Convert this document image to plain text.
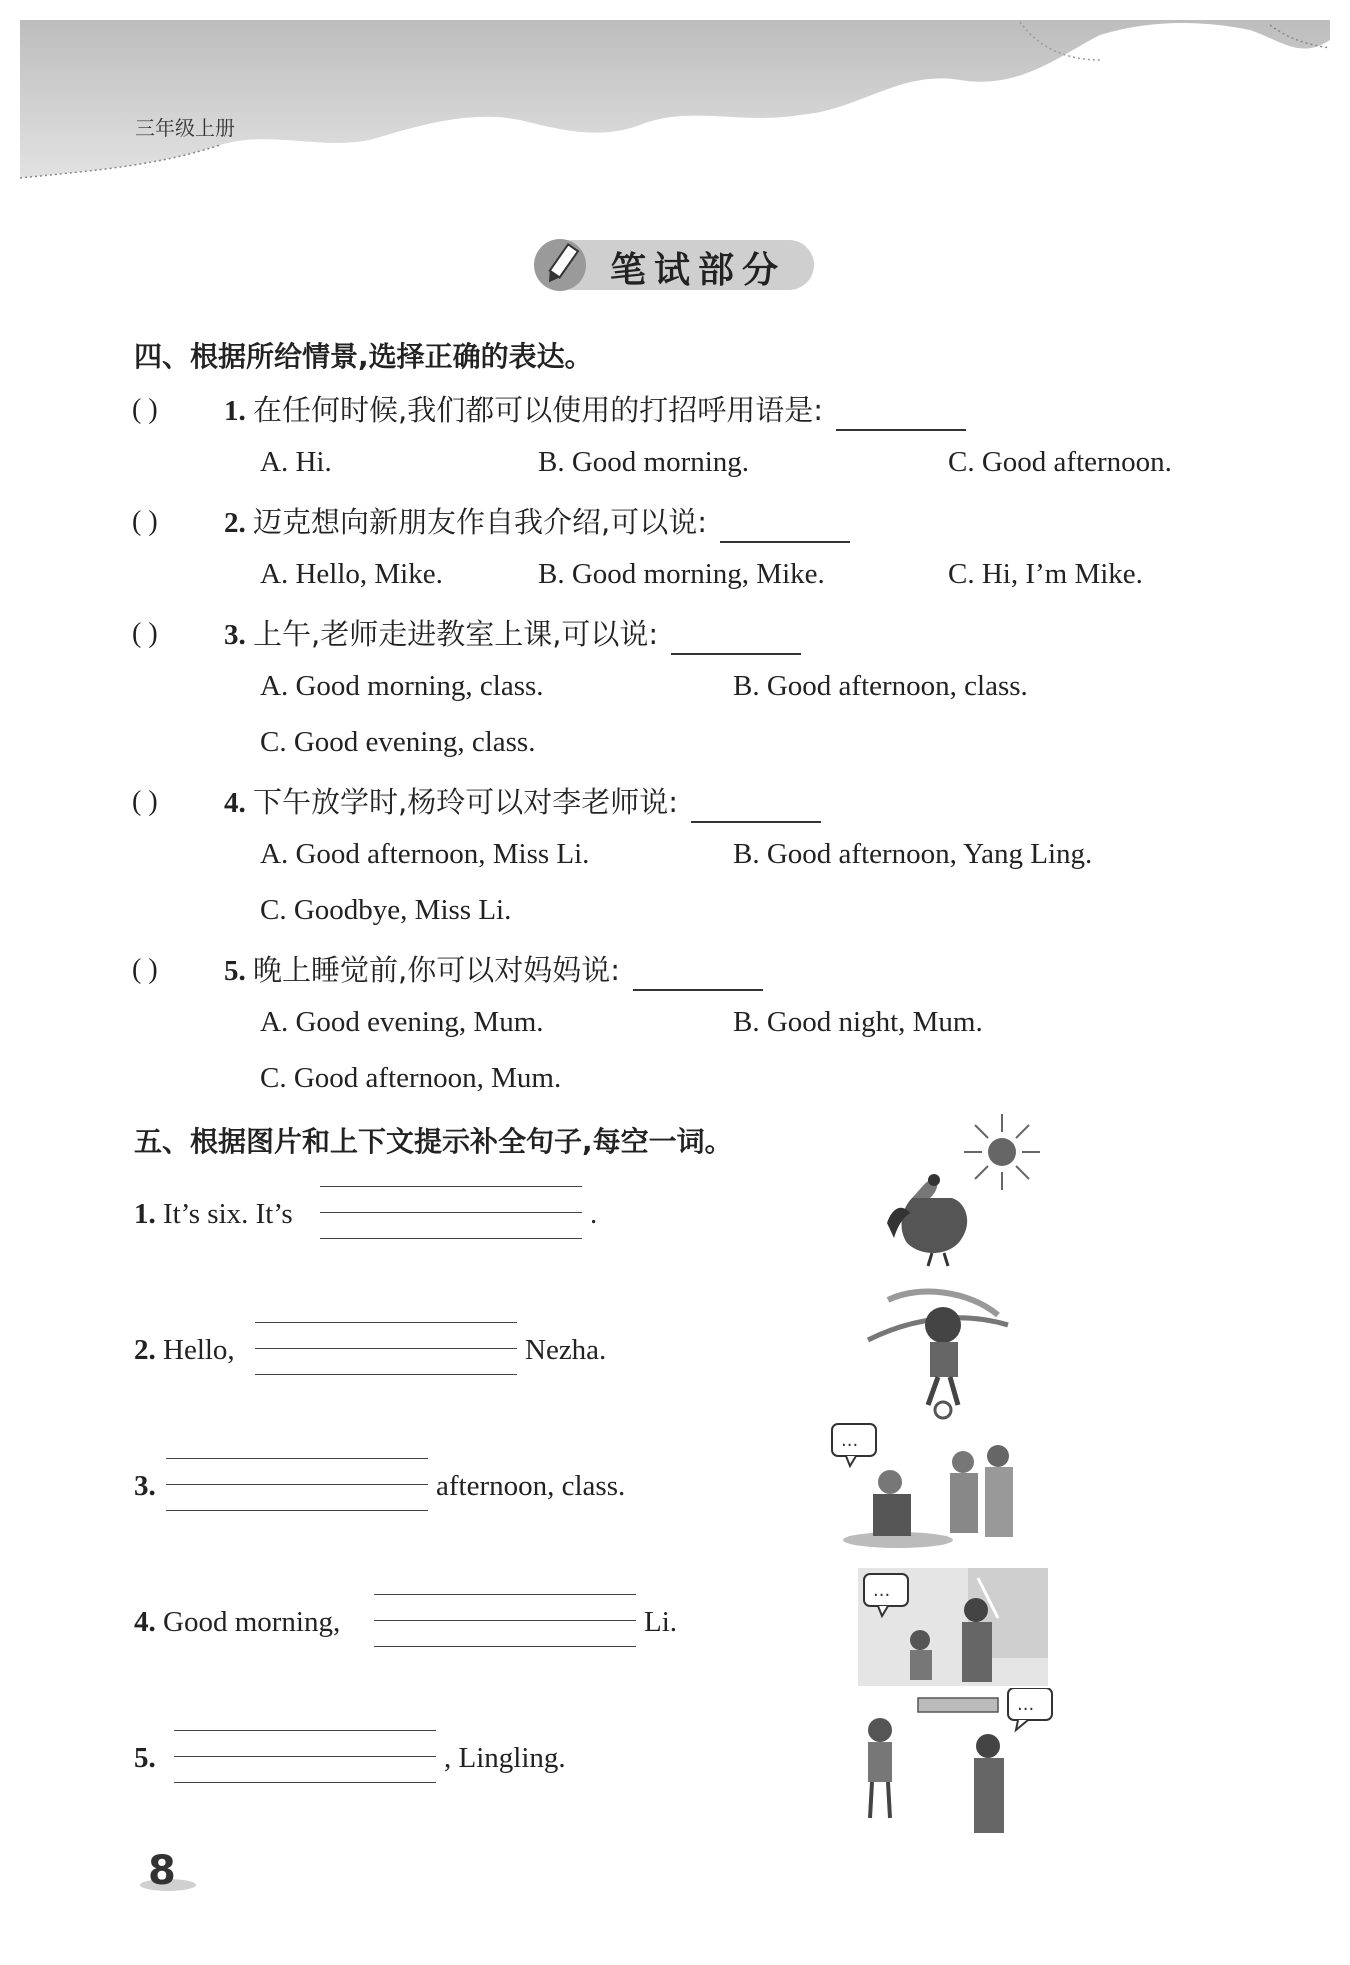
三年级上册
笔试部分
四、根据所给情景,选择正确的表达。
( ) 1. 在任何时候,我们都可以使用的打招呼用语是:
A. Hi.	B. Good morning.	C. Good afternoon.
( ) 2. 迈克想向新朋友作自我介绍,可以说:
A. Hello, Mike.	B. Good morning, Mike.	C. Hi, I’m Mike.
( ) 3. 上午,老师走进教室上课,可以说:
A. Good morning, class.	B. Good afternoon, class.
C. Good evening, class.
( ) 4. 下午放学时,杨玲可以对李老师说:
A. Good afternoon, Miss Li.	B. Good afternoon, Yang Ling.
C. Goodbye, Miss Li.
( ) 5. 晚上睡觉前,你可以对妈妈说:
A. Good evening, Mum.	B. Good night, Mum.
C. Good afternoon, Mum.
五、根据图片和上下文提示补全句子,每空一词。
1. It’s six. It’s	.
2. Hello,	Nezha.
3.	afternoon, class.
4. Good morning,	Li.
5.	, Lingling.
...
...
...
8
